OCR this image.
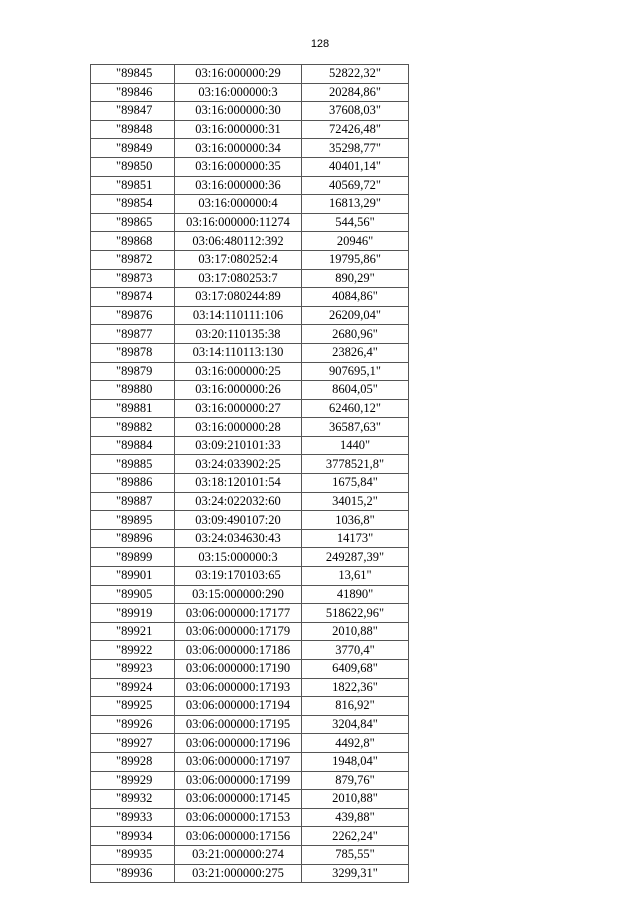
128
"89845	03:16:000000:29	52822,32"
"89846	03:16:000000:3	20284,86"
"89847	03:16:000000:30	37608,03"
"89848	03:16:000000:31	72426,48"
"89849	03:16:000000:34	35298,77"
"89850	03:16:000000:35	40401,14"
"89851	03:16:000000:36	40569,72"
"89854	03:16:000000:4	16813,29"
"89865	03:16:000000:11274	544,56"
"89868	03:06:480112:392	20946"
"89872	03:17:080252:4	19795,86"
"89873	03:17:080253:7	890,29"
"89874	03:17:080244:89	4084,86"
"89876	03:14:110111:106	26209,04"
"89877	03:20:110135:38	2680,96"
"89878	03:14:110113:130	23826,4"
"89879	03:16:000000:25	907695,1"
"89880	03:16:000000:26	8604,05"
"89881	03:16:000000:27	62460,12"
"89882	03:16:000000:28	36587,63"
"89884	03:09:210101:33	1440"
"89885	03:24:033902:25	3778521,8"
"89886	03:18:120101:54	1675,84"
"89887	03:24:022032:60	34015,2"
"89895	03:09:490107:20	1036,8"
"89896	03:24:034630:43	14173"
"89899	03:15:000000:3	249287,39"
"89901	03:19:170103:65	13,61"
"89905	03:15:000000:290	41890"
"89919	03:06:000000:17177	518622,96"
"89921	03:06:000000:17179	2010,88"
"89922	03:06:000000:17186	3770,4"
"89923	03:06:000000:17190	6409,68"
"89924	03:06:000000:17193	1822,36"
"89925	03:06:000000:17194	816,92"
"89926	03:06:000000:17195	3204,84"
"89927	03:06:000000:17196	4492,8"
"89928	03:06:000000:17197	1948,04"
"89929	03:06:000000:17199	879,76"
"89932	03:06:000000:17145	2010,88"
"89933	03:06:000000:17153	439,88"
"89934	03:06:000000:17156	2262,24"
"89935	03:21:000000:274	785,55"
"89936	03:21:000000:275	3299,31"
